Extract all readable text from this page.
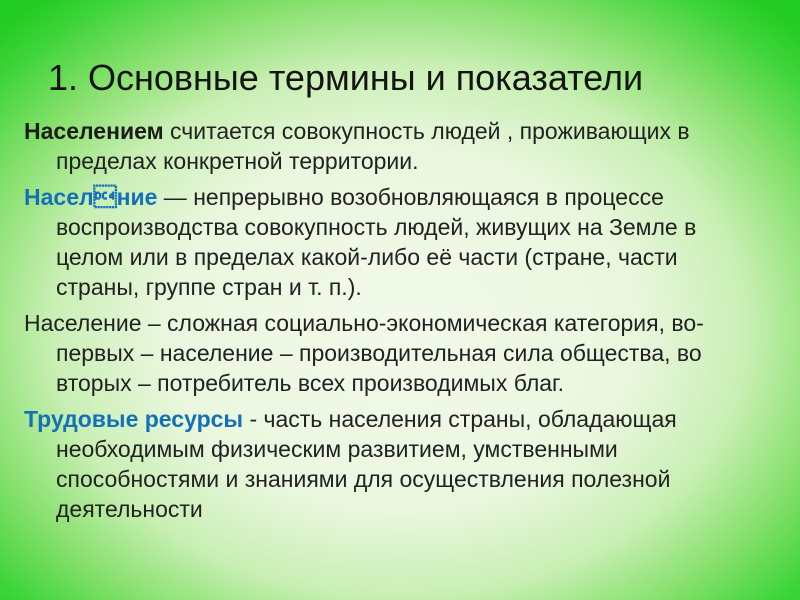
1. Основные термины и показатели
Населением считается совокупность людей , проживающих в пределах конкретной территории.
Населние — непрерывно возобновляющаяся в процессе воспроизводства совокупность людей, живущих на Земле в целом или в пределах какой-либо её части (стране, части страны, группе стран и т. п.).
Население – сложная социально-экономическая категория, во-первых – население – производительная сила общества, во вторых – потребитель всех производимых благ.
Трудовые ресурсы - часть населения страны, обладающая необходимым физическим развитием, умственными способностями и знаниями для осуществления полезной деятельности
